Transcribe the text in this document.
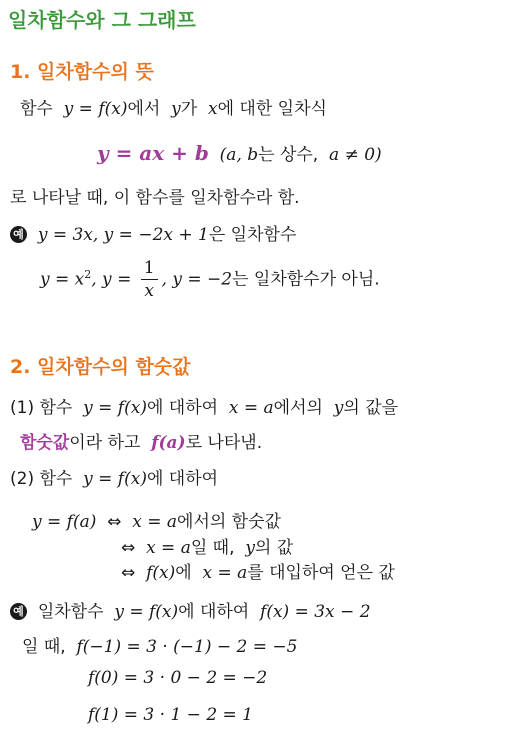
일차함수와 그 그래프
1. 일차함수의 뜻
함수 y = f(x)에서 y가 x에 대한 일차식
y = ax + b (a, b는 상수, a ≠ 0)
로 나타날 때, 이 함수를 일차함수라 함.
예 y = 3x, y = −2x + 1은 일차함수
$y = x^2$, $y = \frac{1}{x}$ , y = −2는 일차함수가 아님.
2. 일차함수의 함숫값
(1) 함수 y = f(x)에 대하여 x = a에서의 y의 값을
함숫값이라 하고 f(a)로 나타냄.
(2) 함수 y = f(x)에 대하여
y = f(a) ⇔ x = a에서의 함숫값
⇔ x = a일 때, y의 값
⇔ f(x)에 x = a를 대입하여 얻은 값
예 일차함수 y = f(x)에 대하여 f(x) = 3x − 2
일 때, f(−1) = 3 · (−1) − 2 = −5
f(0) = 3 · 0 − 2 = −2
f(1) = 3 · 1 − 2 = 1
